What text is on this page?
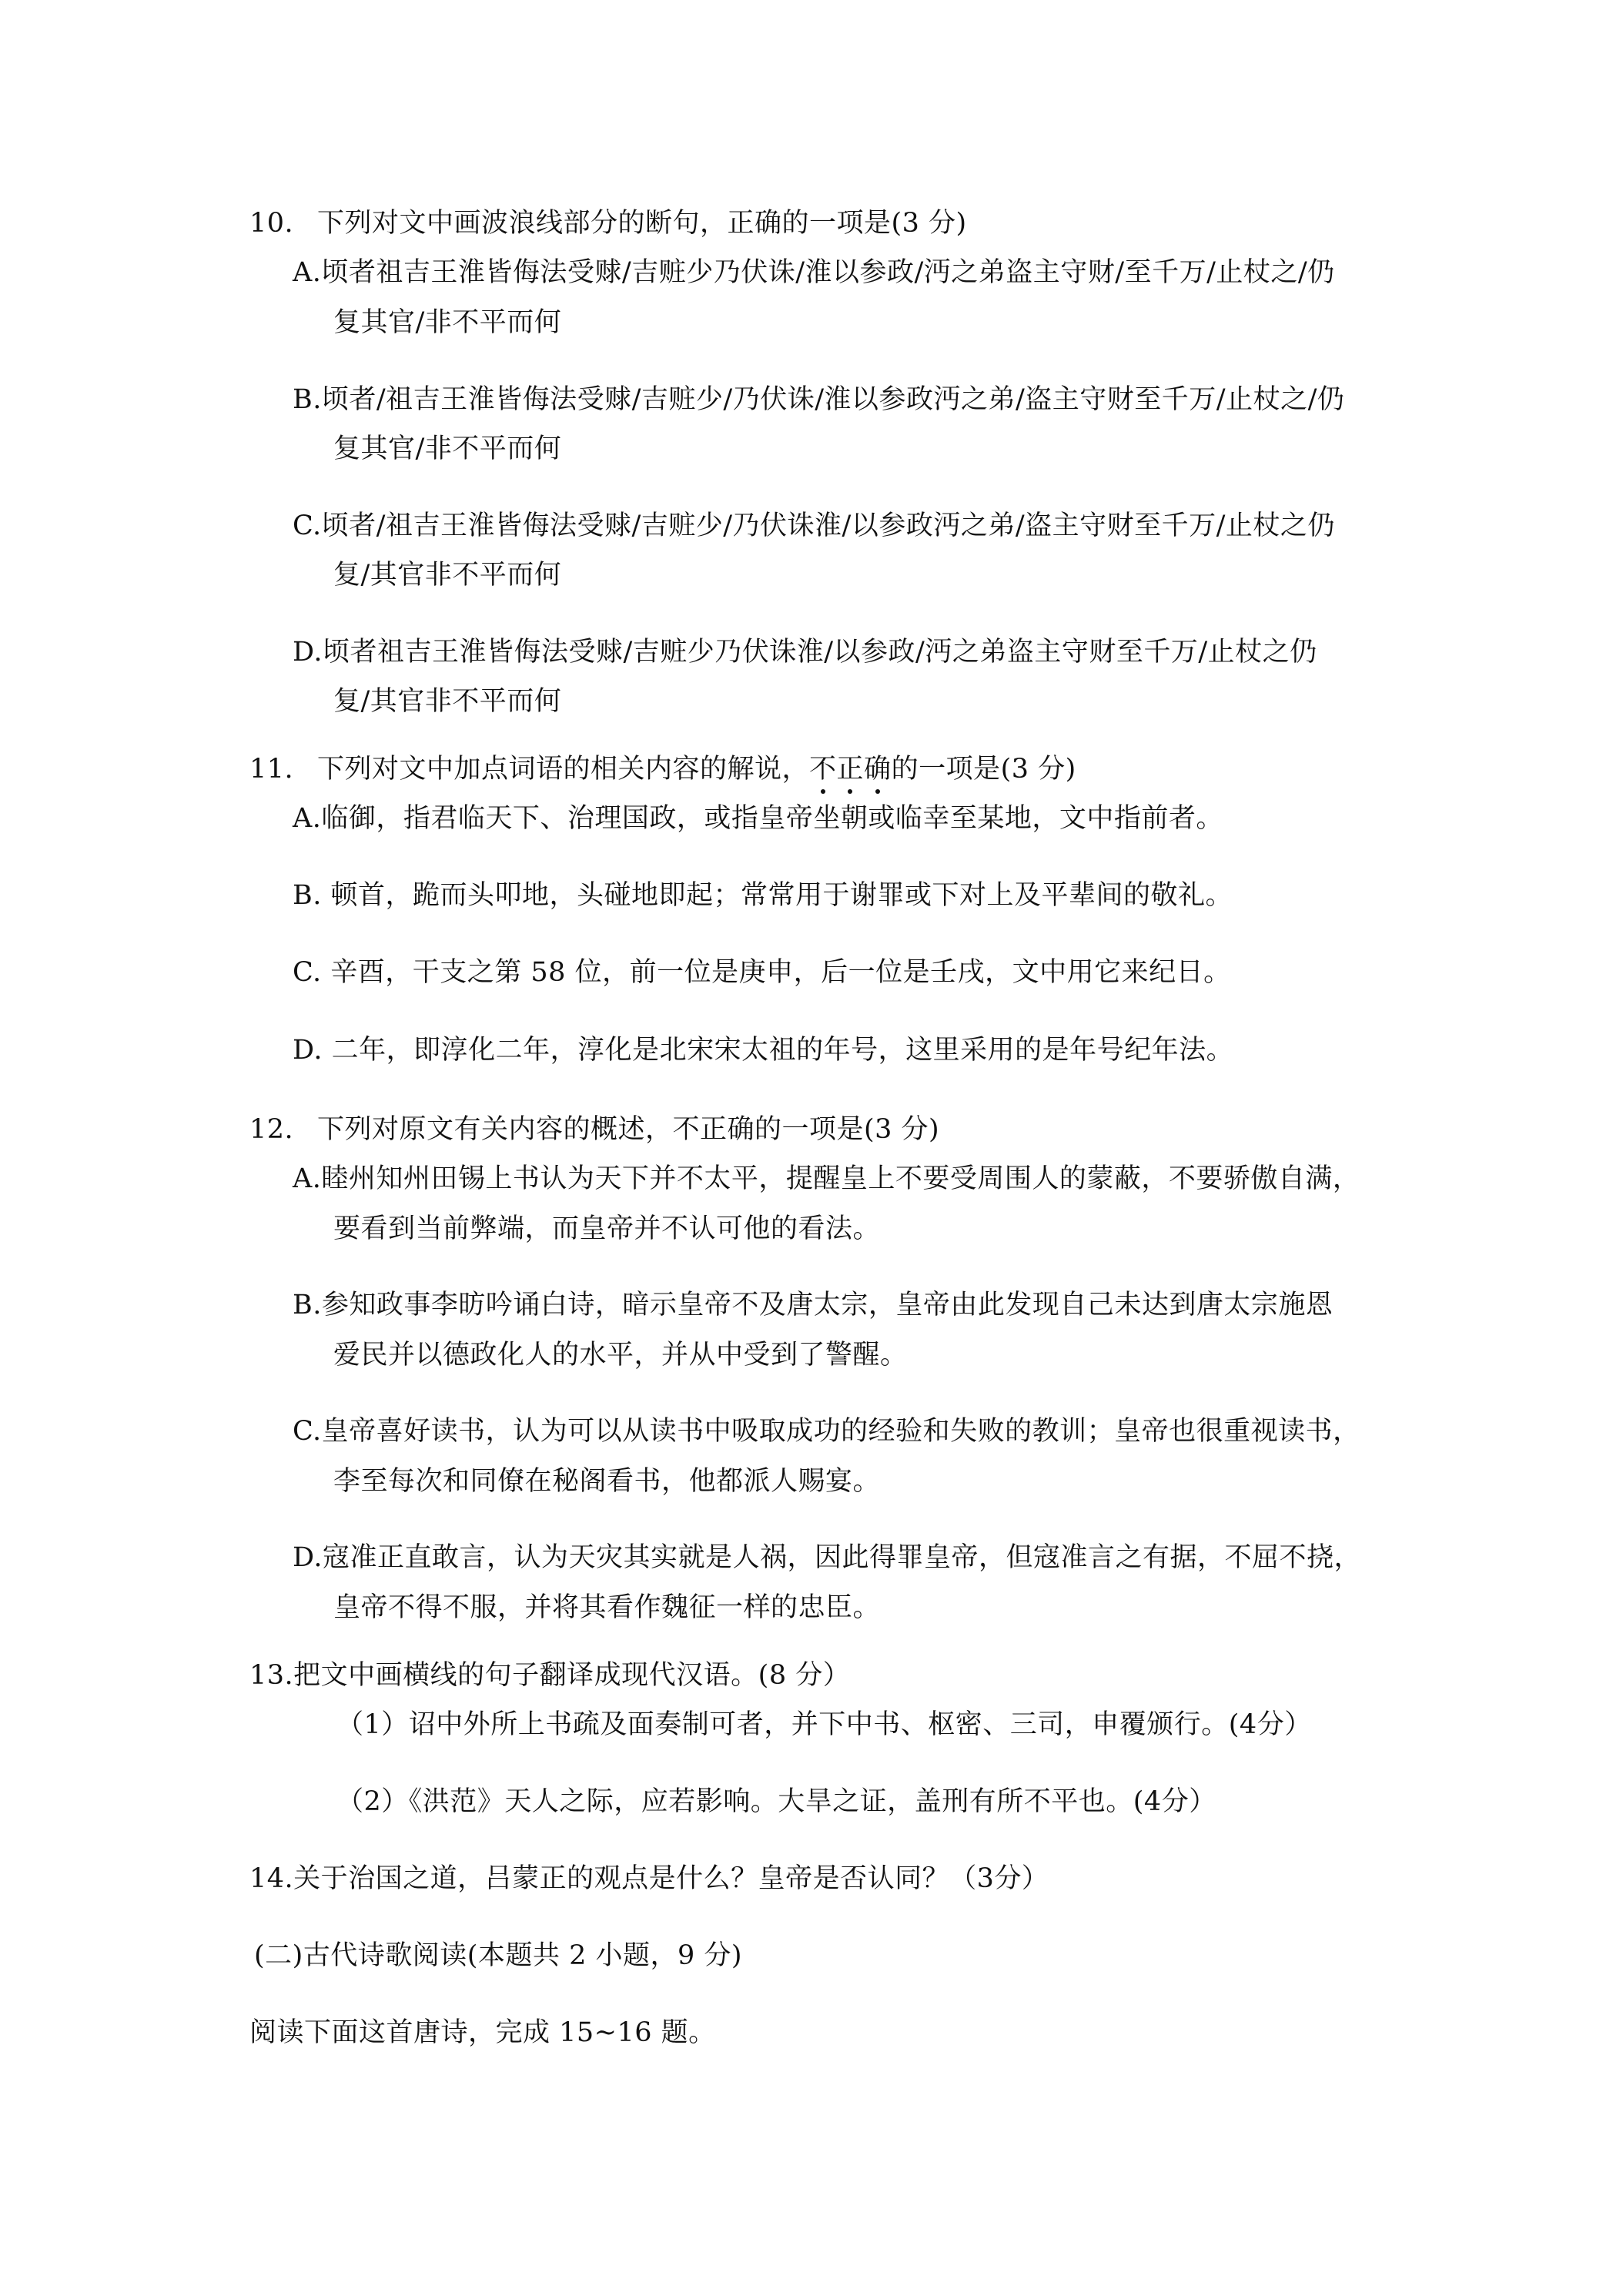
10. 下列对文中画波浪线部分的断句，正确的一项是(3 分)
A.顷者祖吉王淮皆侮法受赇/吉赃少乃伏诛/淮以参政/沔之弟盗主守财/至千万/止杖之/仍
复其官/非不平而何
B.顷者/祖吉王淮皆侮法受赇/吉赃少/乃伏诛/淮以参政沔之弟/盗主守财至千万/止杖之/仍
复其官/非不平而何
C.顷者/祖吉王淮皆侮法受赇/吉赃少/乃伏诛淮/以参政沔之弟/盗主守财至千万/止杖之仍
复/其官非不平而何
D.顷者祖吉王淮皆侮法受赇/吉赃少乃伏诛淮/以参政/沔之弟盗主守财至千万/止杖之仍
复/其官非不平而何
11. 下列对文中加点词语的相关内容的解说，不正确的一项是(3 分)
A.临御，指君临天下、治理国政，或指皇帝坐朝或临幸至某地，文中指前者。
B. 顿首，跪而头叩地，头碰地即起；常常用于谢罪或下对上及平辈间的敬礼。
C. 辛酉，干支之第 58 位，前一位是庚申，后一位是壬戌，文中用它来纪日。
D. 二年，即淳化二年，淳化是北宋宋太祖的年号，这里采用的是年号纪年法。
12. 下列对原文有关内容的概述，不正确的一项是(3 分)
A.睦州知州田锡上书认为天下并不太平，提醒皇上不要受周围人的蒙蔽，不要骄傲自满，
要看到当前弊端，而皇帝并不认可他的看法。
B.参知政事李昉吟诵白诗，暗示皇帝不及唐太宗，皇帝由此发现自己未达到唐太宗施恩
爱民并以德政化人的水平，并从中受到了警醒。
C.皇帝喜好读书，认为可以从读书中吸取成功的经验和失败的教训；皇帝也很重视读书，
李至每次和同僚在秘阁看书，他都派人赐宴。
D.寇准正直敢言，认为天灾其实就是人祸，因此得罪皇帝，但寇准言之有据，不屈不挠，
皇帝不得不服，并将其看作魏征一样的忠臣。
13.把文中画横线的句子翻译成现代汉语。(8 分）
（1）诏中外所上书疏及面奏制可者，并下中书、枢密、三司，申覆颁行。(4分）
（2）《洪范》天人之际，应若影响。大旱之证，盖刑有所不平也。(4分）
14.关于治国之道，吕蒙正的观点是什么？皇帝是否认同？（3分）
(二)古代诗歌阅读(本题共 2 小题，9 分)
阅读下面这首唐诗，完成 15~16 题。
